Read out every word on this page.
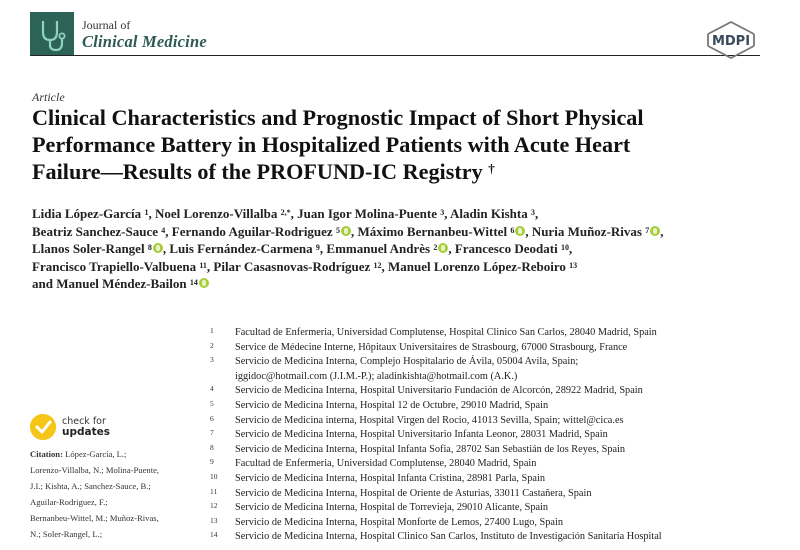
Journal of
Clinical Medicine	MDPI
Article
Clinical Characteristics and Prognostic Impact of Short Physical
Performance Battery in Hospitalized Patients with Acute Heart
Failure—Results of the PROFUND-IC Registry †
Lidia López-García $^1$, Noel Lorenzo-Villalba $^{2,*}$, Juan Igor Molina-Puente $^3$, Aladin Kishta $^3$,
Beatriz Sanchez-Sauce $^4$, Fernando Aguilar-Rodriguez $^5$ , Máximo Bernanbeu-Wittel $^6$ , Nuria Muñoz-Rivas $^7$ ,
Llanos Soler-Rangel $^8$ , Luis Fernández-Carmena $^9$, Emmanuel Andrès $^2$ , Francesco Deodati $^{10}$,
Francisco Trapiello-Valbuena $^{11}$, Pilar Casasnovas-Rodríguez $^{12}$, Manuel Lorenzo López-Reboiro $^{13}$
and Manuel Méndez-Bailon $^{14}$
check for
updates
Citation: López-García, L.;
Lorenzo-Villalba, N.; Molina-Puente,
J.I.; Kishta, A.; Sanchez-Sauce, B.;
Aguilar-Rodriguez, F.;
Bernanbeu-Wittel, M.; Muñoz-Rivas,
N.; Soler-Rangel, L.;
1	Facultad de Enfermeria, Universidad Complutense, Hospital Clinico San Carlos, 28040 Madrid, Spain
2	Service de Médecine Interne, Hôpitaux Universitaires de Strasbourg, 67000 Strasbourg, France
3	Servicio de Medicina Interna, Complejo Hospitalario de Ávila, 05004 Avila, Spain;
iggidoc@hotmail.com (J.I.M.-P.); aladinkishta@hotmail.com (A.K.)
4	Servicio de Medicina Interna, Hospital Universitario Fundación de Alcorcón, 28922 Madrid, Spain
5	Servicio de Medicina Interna, Hospital 12 de Octubre, 29010 Madrid, Spain
6	Servicio de Medicina interna, Hospital Virgen del Rocio, 41013 Sevilla, Spain; wittel@cica.es
7	Servicio de Medicina Interna, Hospital Universitario Infanta Leonor, 28031 Madrid, Spain
8	Servicio de Medicina Interna, Hospital Infanta Sofia, 28702 San Sebastián de los Reyes, Spain
9	Facultad de Enfermeria, Universidad Complutense, 28040 Madrid, Spain
10	Servicio de Medicina Interna, Hospital Infanta Cristina, 28981 Parla, Spain
11	Servicio de Medicina Interna, Hospital de Oriente de Asturias, 33011 Castañera, Spain
12	Servicio de Medicina Interna, Hospital de Torrevieja, 29010 Alicante, Spain
13	Servicio de Medicina Interna, Hospital Monforte de Lemos, 27400 Lugo, Spain
14	Servicio de Medicina Interna, Hospital Clinico San Carlos, Instituto de Investigación Sanitaria Hospital
